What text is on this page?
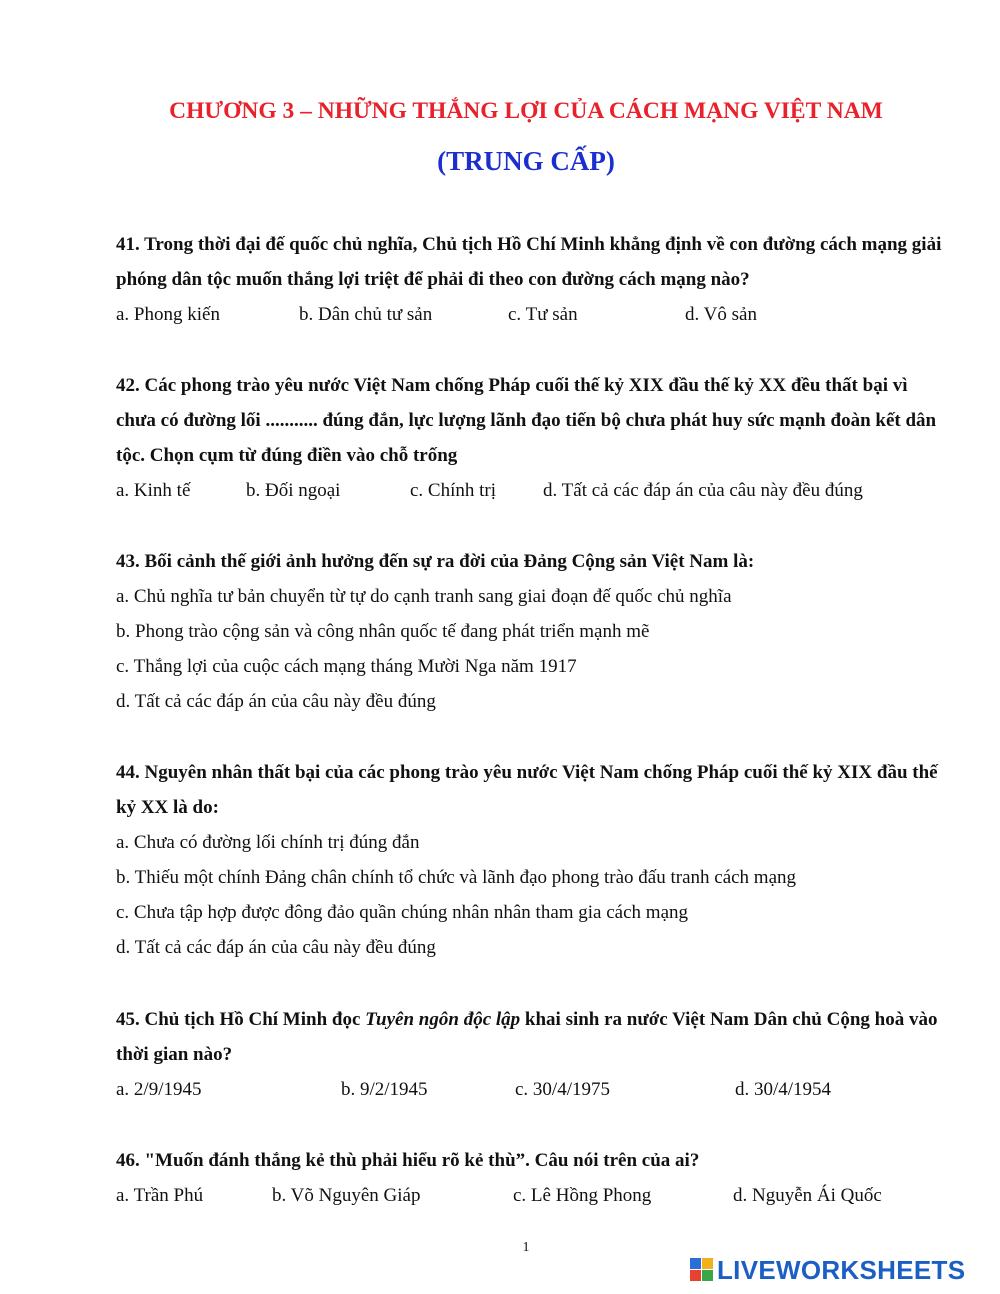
CHƯƠNG 3 – NHỮNG THẮNG LỢI CỦA CÁCH MẠNG VIỆT NAM
(TRUNG CẤP)
41. Trong thời đại đế quốc chủ nghĩa, Chủ tịch Hồ Chí Minh khẳng định về con đường cách mạng giải phóng dân tộc muốn thắng lợi triệt để phải đi theo con đường cách mạng nào?
a. Phong kiến	b. Dân chủ tư sản	c. Tư sản	d. Vô sản
42. Các phong trào yêu nước Việt Nam chống Pháp cuối thế kỷ XIX đầu thế kỷ XX đều thất bại vì chưa có đường lối ........... đúng đắn, lực lượng lãnh đạo tiến bộ chưa phát huy sức mạnh đoàn kết dân tộc. Chọn cụm từ đúng điền vào chỗ trống
a. Kinh tế	b. Đối ngoại	c. Chính trị d. Tất cả các đáp án của câu này đều đúng
43. Bối cảnh thế giới ảnh hưởng đến sự ra đời của Đảng Cộng sản Việt Nam là:
a. Chủ nghĩa tư bản chuyển từ tự do cạnh tranh sang giai đoạn đế quốc chủ nghĩa
b. Phong trào cộng sản và công nhân quốc tế đang phát triển mạnh mẽ
c. Thắng lợi của cuộc cách mạng tháng Mười Nga năm 1917
d. Tất cả các đáp án của câu này đều đúng
44. Nguyên nhân thất bại của các phong trào yêu nước Việt Nam chống Pháp cuối thế kỷ XIX đầu thế kỷ XX là do:
a. Chưa có đường lối chính trị đúng đắn
b. Thiếu một chính Đảng chân chính tổ chức và lãnh đạo phong trào đấu tranh cách mạng
c. Chưa tập hợp được đông đảo quần chúng nhân nhân tham gia cách mạng
d. Tất cả các đáp án của câu này đều đúng
45. Chủ tịch Hồ Chí Minh đọc Tuyên ngôn độc lập khai sinh ra nước Việt Nam Dân chủ Cộng hoà vào thời gian nào?
a. 2/9/1945	b. 9/2/1945	c. 30/4/1975	d. 30/4/1954
46. "Muốn đánh thắng kẻ thù phải hiểu rõ kẻ thù”. Câu nói trên của ai?
a. Trần Phú	b. Võ Nguyên Giáp	c. Lê Hồng Phong	d. Nguyễn Ái Quốc
1
LIVEWORKSHEETS
